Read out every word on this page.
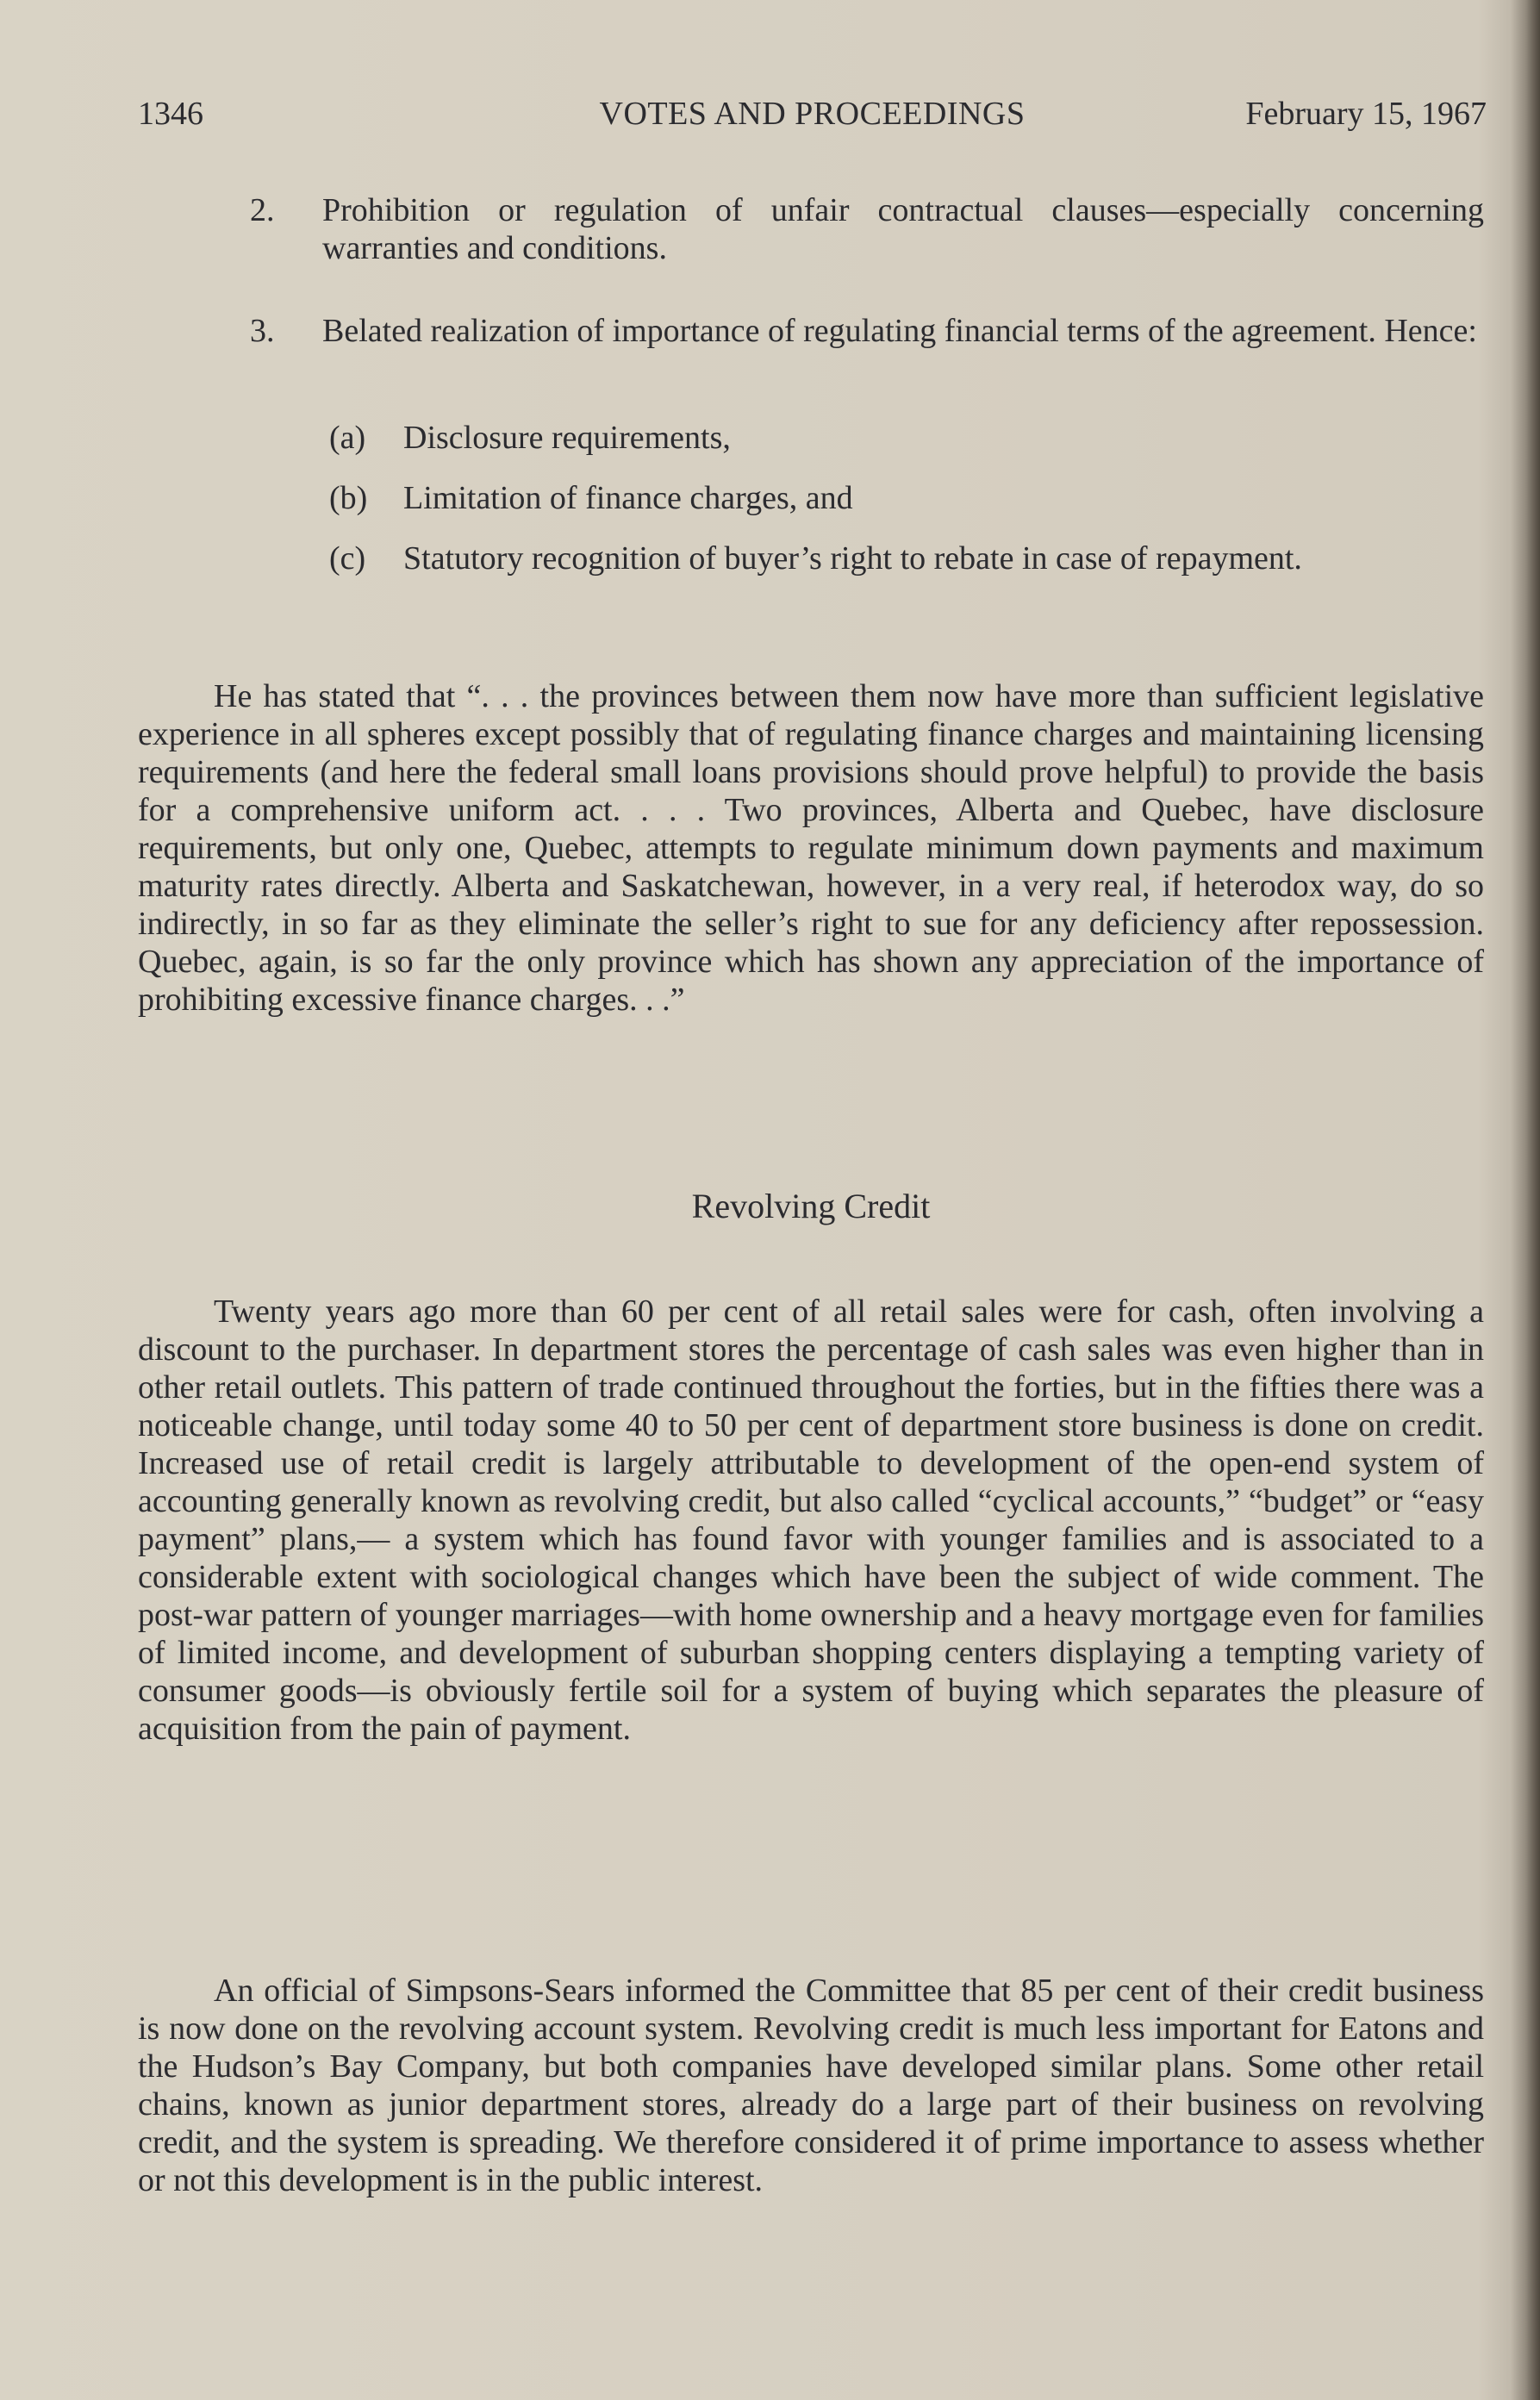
1346	VOTES AND PROCEEDINGS	February 15, 1967
2.	Prohibition or regulation of unfair contractual clauses—especially concerning warranties and conditions.
3.	Belated realization of importance of regulating financial terms of the agreement. Hence:
(a)	Disclosure requirements,
(b)	Limitation of finance charges, and
(c)	Statutory recognition of buyer’s right to rebate in case of repayment.
He has stated that “. . . the provinces between them now have more than sufficient legislative experience in all spheres except possibly that of regulating finance charges and maintaining licensing requirements (and here the federal small loans provisions should prove helpful) to provide the basis for a comprehensive uniform act. . . . Two provinces, Alberta and Quebec, have disclosure requirements, but only one, Quebec, attempts to regulate minimum down payments and maximum maturity rates directly. Alberta and Saskatchewan, however, in a very real, if heterodox way, do so indirectly, in so far as they eliminate the seller’s right to sue for any deficiency after repossession. Quebec, again, is so far the only province which has shown any appreciation of the importance of prohibiting excessive finance charges. . .”
Revolving Credit
Twenty years ago more than 60 per cent of all retail sales were for cash, often involving a discount to the purchaser. In department stores the percentage of cash sales was even higher than in other retail outlets. This pattern of trade continued throughout the forties, but in the fifties there was a noticeable change, until today some 40 to 50 per cent of department store business is done on credit. Increased use of retail credit is largely attributable to development of the open-end system of accounting generally known as revolving credit, but also called “cyclical accounts,” “budget” or “easy payment” plans,— a system which has found favor with younger families and is associated to a considerable extent with sociological changes which have been the subject of wide comment. The post-war pattern of younger marriages—with home ownership and a heavy mortgage even for families of limited income, and development of suburban shopping centers displaying a tempting variety of consumer goods—is obviously fertile soil for a system of buying which separates the pleasure of acquisition from the pain of payment.
An official of Simpsons-Sears informed the Committee that 85 per cent of their credit business is now done on the revolving account system. Revolving credit is much less important for Eatons and the Hudson’s Bay Company, but both companies have developed similar plans. Some other retail chains, known as junior department stores, already do a large part of their business on revolving credit, and the system is spreading. We therefore considered it of prime importance to assess whether or not this development is in the public interest.
